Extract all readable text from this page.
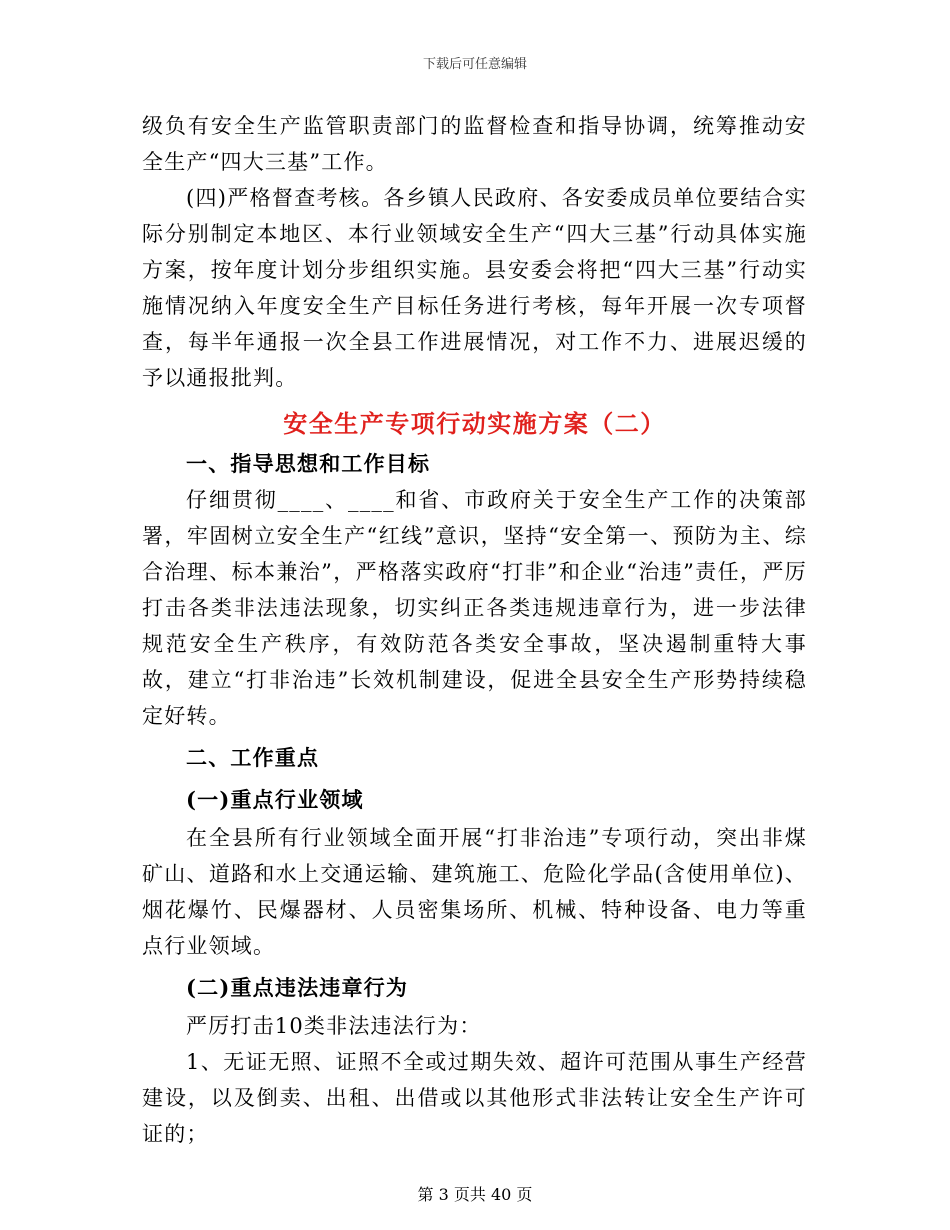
下载后可任意编辑

级负有安全生产监管职责部门的监督检查和指导协调，统筹推动安全生产“四大三基”工作。

(四)严格督查考核。各乡镇人民政府、各安委成员单位要结合实际分别制定本地区、本行业领域安全生产“四大三基”行动具体实施方案，按年度计划分步组织实施。县安委会将把“四大三基”行动实施情况纳入年度安全生产目标任务进行考核，每年开展一次专项督查，每半年通报一次全县工作进展情况，对工作不力、进展迟缓的予以通报批判。

安全生产专项行动实施方案（二）

一、指导思想和工作目标

仔细贯彻____、____和省、市政府关于安全生产工作的决策部署，牢固树立安全生产“红线”意识，坚持“安全第一、预防为主、综合治理、标本兼治”，严格落实政府“打非”和企业“治违”责任，严厉打击各类非法违法现象，切实纠正各类违规违章行为，进一步法律规范安全生产秩序，有效防范各类安全事故，坚决遏制重特大事故，建立“打非治违”长效机制建设，促进全县安全生产形势持续稳定好转。

二、工作重点

(一)重点行业领域

在全县所有行业领域全面开展“打非治违”专项行动，突出非煤矿山、道路和水上交通运输、建筑施工、危险化学品(含使用单位)、烟花爆竹、民爆器材、人员密集场所、机械、特种设备、电力等重点行业领域。

(二)重点违法违章行为

严厉打击10类非法违法行为：

1、无证无照、证照不全或过期失效、超许可范围从事生产经营建设，以及倒卖、出租、出借或以其他形式非法转让安全生产许可证的；

第 3 页共 40 页
